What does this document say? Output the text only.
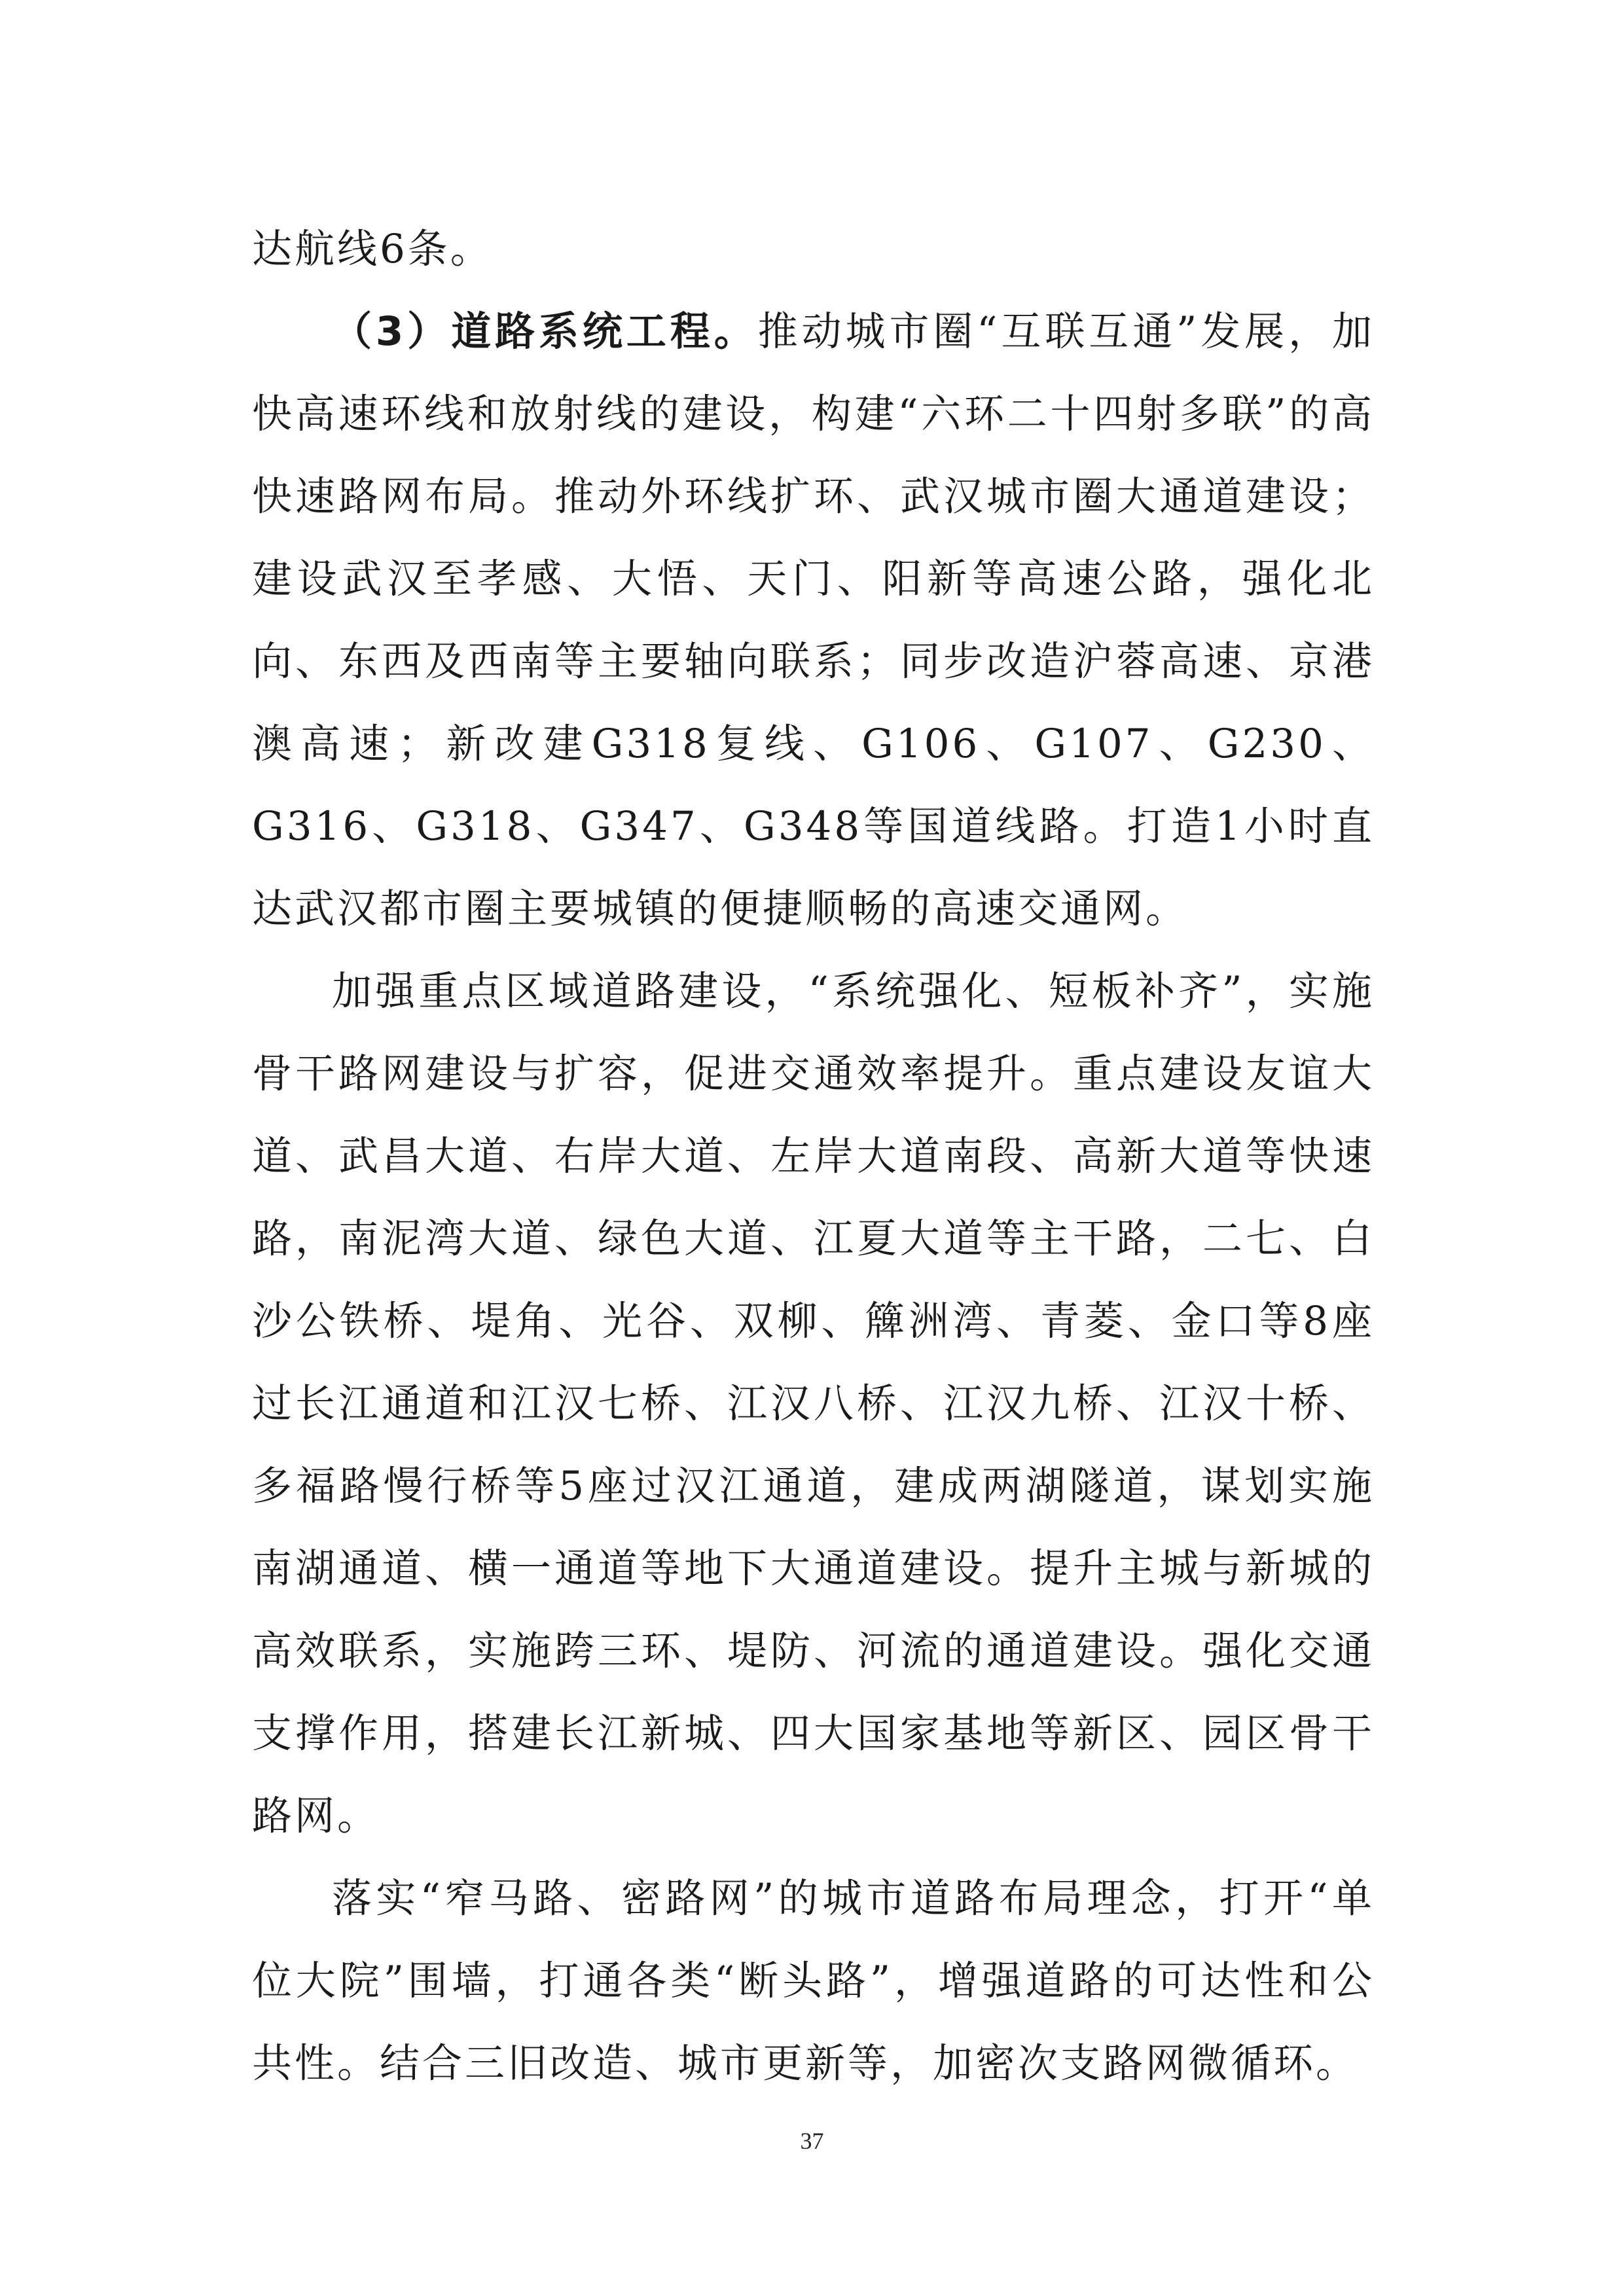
达航线6条。

（3）道路系统工程。推动城市圈“互联互通”发展，加快高速环线和放射线的建设，构建“六环二十四射多联”的高快速路网布局。推动外环线扩环、武汉城市圈大通道建设；建设武汉至孝感、大悟、天门、阳新等高速公路，强化北向、东西及西南等主要轴向联系；同步改造沪蓉高速、京港澳高速；新改建G318复线、G106、G107、G230、G316、G318、G347、G348等国道线路。打造1小时直达武汉都市圈主要城镇的便捷顺畅的高速交通网。

加强重点区域道路建设，“系统强化、短板补齐”，实施骨干路网建设与扩容，促进交通效率提升。重点建设友谊大道、武昌大道、右岸大道、左岸大道南段、高新大道等快速路，南泥湾大道、绿色大道、江夏大道等主干路，二七、白沙公铁桥、堤角、光谷、双柳、簰洲湾、青菱、金口等8座过长江通道和江汉七桥、江汉八桥、江汉九桥、江汉十桥、多福路慢行桥等5座过汉江通道，建成两湖隧道，谋划实施南湖通道、横一通道等地下大通道建设。提升主城与新城的高效联系，实施跨三环、堤防、河流的通道建设。强化交通支撑作用，搭建长江新城、四大国家基地等新区、园区骨干路网。

落实“窄马路、密路网”的城市道路布局理念，打开“单位大院”围墙，打通各类“断头路”，增强道路的可达性和公共性。结合三旧改造、城市更新等，加密次支路网微循环。

37
